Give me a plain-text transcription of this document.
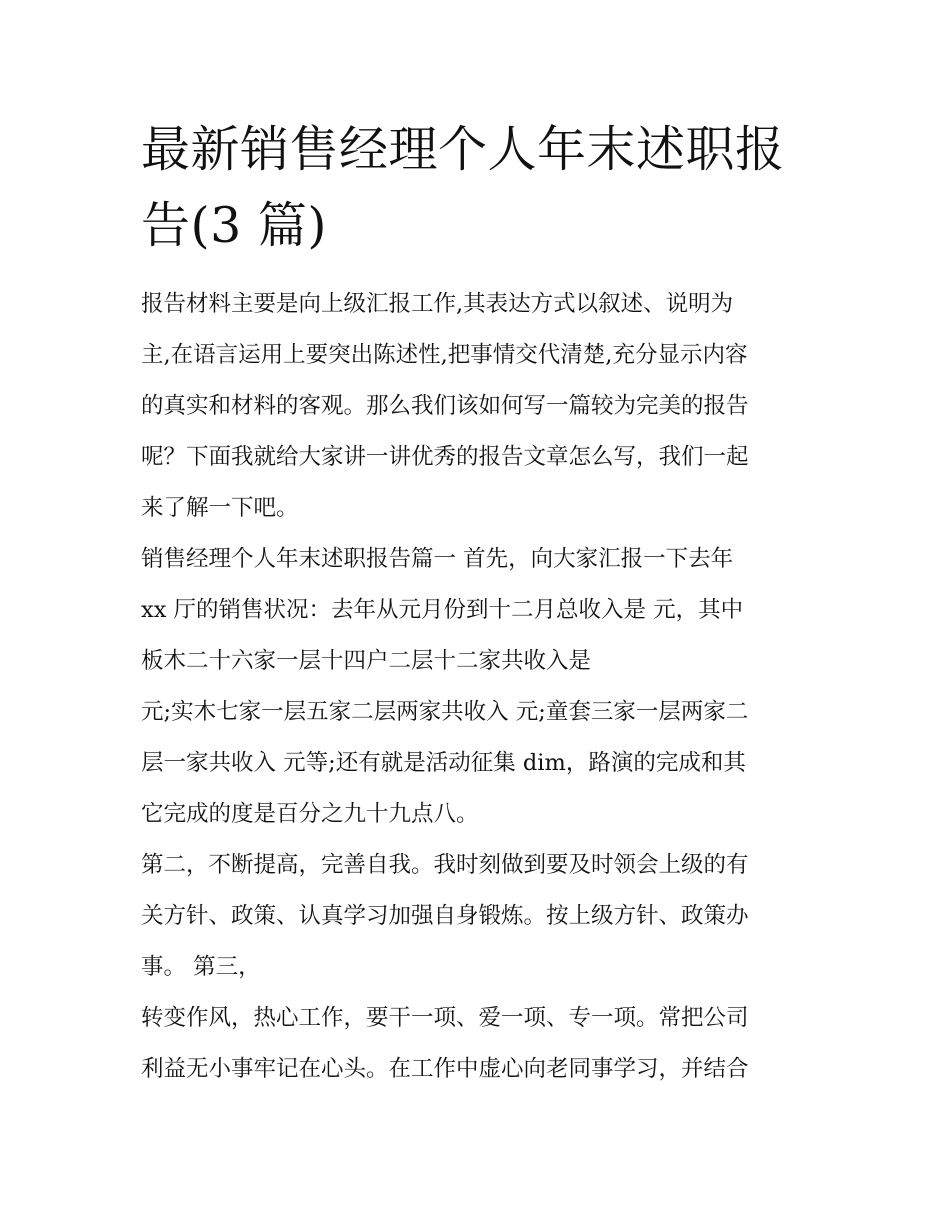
最新销售经理个人年末述职报
告(3 篇)
报告材料主要是向上级汇报工作,其表达方式以叙述、说明为
主,在语言运用上要突出陈述性,把事情交代清楚,充分显示内容
的真实和材料的客观。那么我们该如何写一篇较为完美的报告
呢？下面我就给大家讲一讲优秀的报告文章怎么写，我们一起
来了解一下吧。
销售经理个人年末述职报告篇一 首先，向大家汇报一下去年
xx 厅的销售状况：去年从元月份到十二月总收入是 元，其中
板木二十六家一层十四户二层十二家共收入是
元;实木七家一层五家二层两家共收入 元;童套三家一层两家二
层一家共收入 元等;还有就是活动征集 dim，路演的完成和其
它完成的度是百分之九十九点八。
第二，不断提高，完善自我。我时刻做到要及时领会上级的有
关方针、政策、认真学习加强自身锻炼。按上级方针、政策办
事。 第三，
转变作风，热心工作，要干一项、爱一项、专一项。常把公司
利益无小事牢记在心头。在工作中虚心向老同事学习，并结合
